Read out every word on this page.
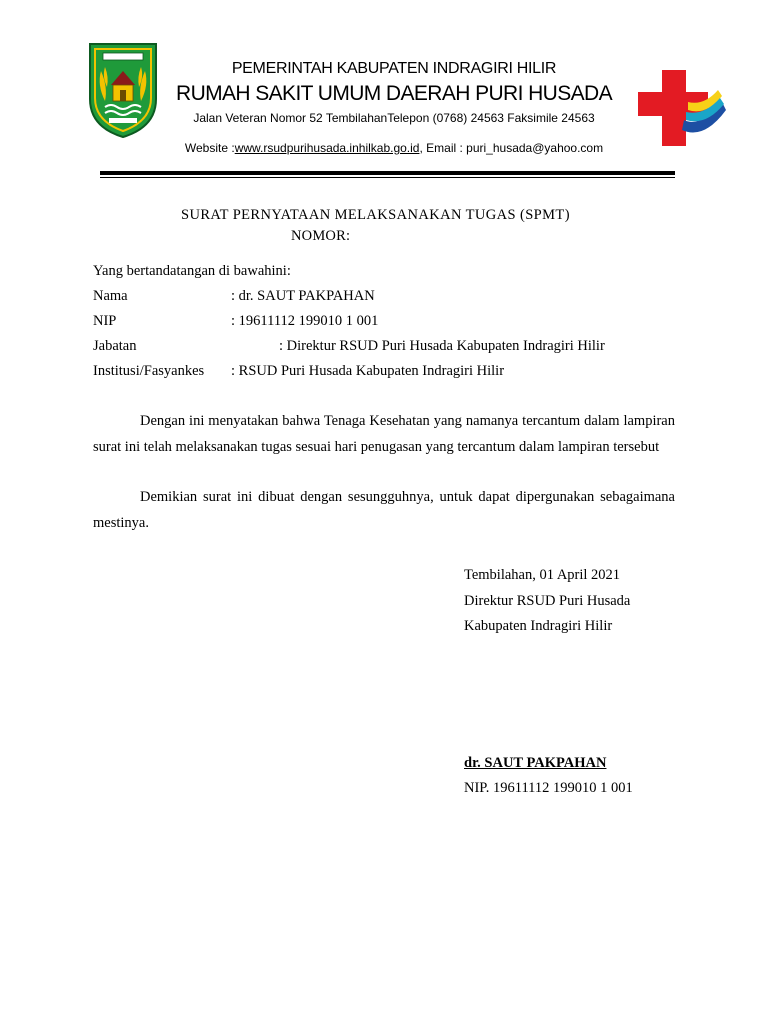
PEMERINTAH KABUPATEN INDRAGIRI HILIR
RUMAH SAKIT UMUM DAERAH PURI HUSADA
Jalan Veteran Nomor 52 TembilahanTelepon (0768) 24563 Faksimile 24563
Website :www.rsudpurihusada.inhilkab.go.id, Email : puri_husada@yahoo.com
SURAT PERNYATAAN MELAKSANAKAN TUGAS (SPMT)
NOMOR:
Yang bertandatangan di bawahini:
Nama	: dr. SAUT PAKPAHAN
NIP	: 19611112 199010 1 001
Jabatan	: Direktur RSUD Puri Husada Kabupaten Indragiri Hilir
Institusi/Fasyankes : RSUD Puri Husada Kabupaten Indragiri Hilir
Dengan ini menyatakan bahwa Tenaga Kesehatan yang namanya tercantum dalam lampiran surat ini telah melaksanakan tugas sesuai hari penugasan yang tercantum dalam lampiran tersebut
Demikian surat ini dibuat dengan sesungguhnya, untuk dapat dipergunakan sebagaimana mestinya.
Tembilahan, 01 April 2021
Direktur RSUD Puri Husada
Kabupaten Indragiri Hilir
dr. SAUT PAKPAHAN
NIP. 19611112 199010 1 001
